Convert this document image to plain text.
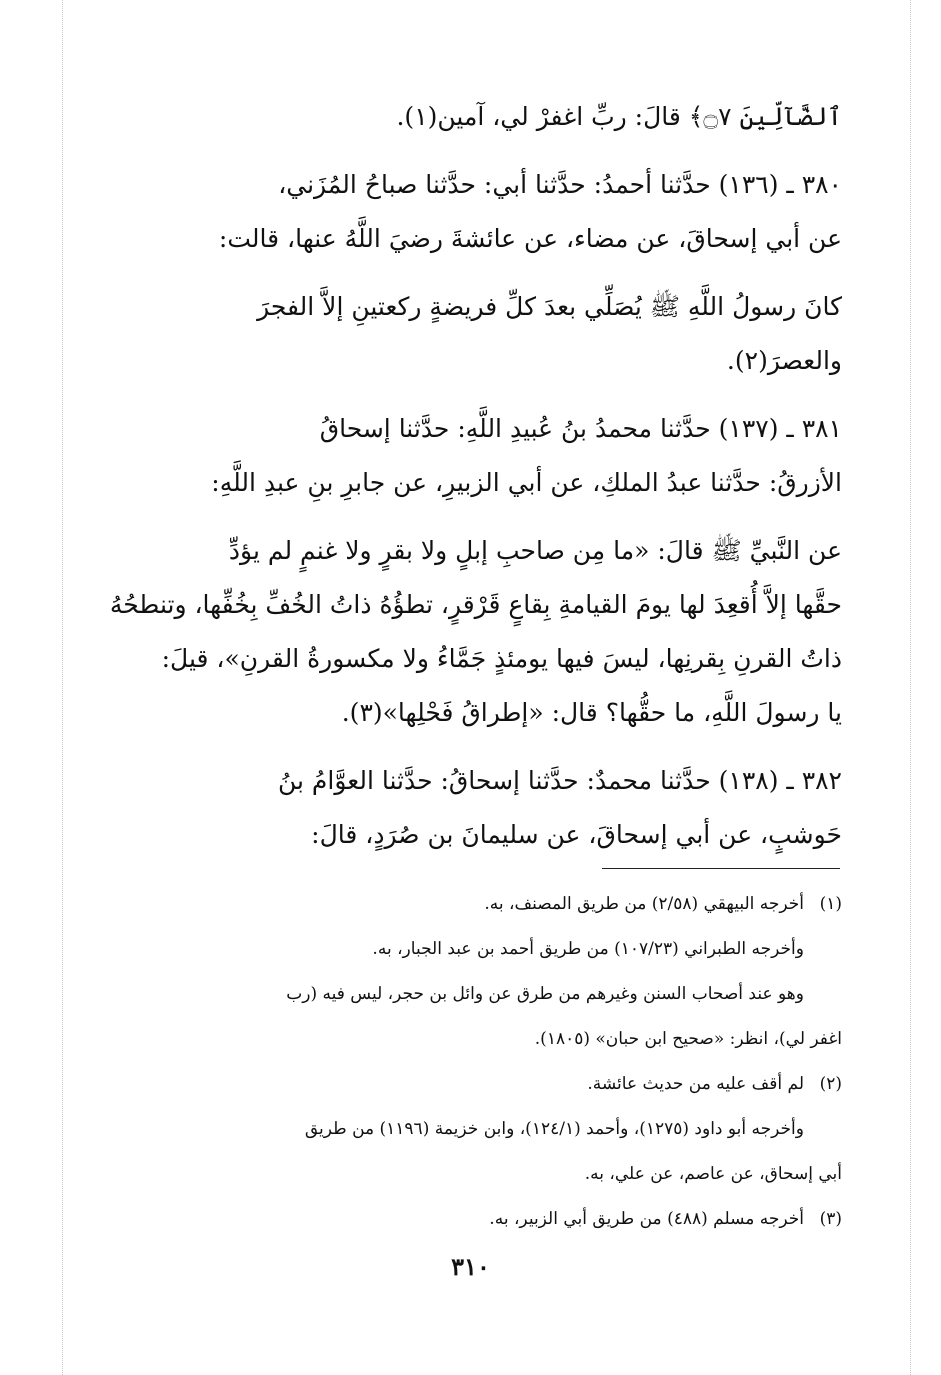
ٱلضَّآلِّينَ ۝٧﴾ قالَ: ربِّ اغفرْ لي، آمين(١).
٣٨٠ ـ (١٣٦) حدَّثنا أحمدُ: حدَّثنا أبي: حدَّثنا صباحُ المُزَني،
عن أبي إسحاقَ، عن مضاء، عن عائشةَ رضيَ اللَّهُ عنها، قالت:
كانَ رسولُ اللَّهِ ﷺ يُصَلِّي بعدَ كلِّ فريضةٍ ركعتينِ إلاَّ الفجرَ
والعصرَ(٢).
٣٨١ ـ (١٣٧) حدَّثنا محمدُ بنُ عُبيدِ اللَّهِ: حدَّثنا إسحاقُ
الأزرقُ: حدَّثنا عبدُ الملكِ، عن أبي الزبيرِ، عن جابرِ بنِ عبدِ اللَّهِ:
عن النَّبيِّ ﷺ قالَ: «ما مِن صاحبِ إبلٍ ولا بقرٍ ولا غنمٍ لم يؤدِّ
حقَّها إلاَّ أُقعِدَ لها يومَ القيامةِ بِقاعٍ قَرْقرٍ، تطؤُهُ ذاتُ الخُفِّ بِخُفِّها، وتنطحُهُ
ذاتُ القرنِ بِقرنِها، ليسَ فيها يومئذٍ جَمَّاءُ ولا مكسورةُ القرنِ»، قيلَ:
يا رسولَ اللَّهِ، ما حقُّها؟ قال: «إطراقُ فَحْلِها»(٣).
٣٨٢ ـ (١٣٨) حدَّثنا محمدٌ: حدَّثنا إسحاقُ: حدَّثنا العوَّامُ بنُ
حَوشبٍ، عن أبي إسحاقَ، عن سليمانَ بن صُرَدٍ، قالَ:
(١)أخرجه البيهقي (٢/٥٨) من طريق المصنف، به.
وأخرجه الطبراني (١٠٧/٢٣) من طريق أحمد بن عبد الجبار، به.
وهو عند أصحاب السنن وغيرهم من طرق عن وائل بن حجر، ليس فيه (رب
اغفر لي)، انظر: «صحيح ابن حبان» (١٨٠٥).
(٢)لم أقف عليه من حديث عائشة.
وأخرجه أبو داود (١٢٧٥)، وأحمد (١٢٤/١)، وابن خزيمة (١١٩٦) من طريق
أبي إسحاق، عن عاصم، عن علي، به.
(٣)أخرجه مسلم (٤٨٨) من طريق أبي الزبير، به.
٣١٠
